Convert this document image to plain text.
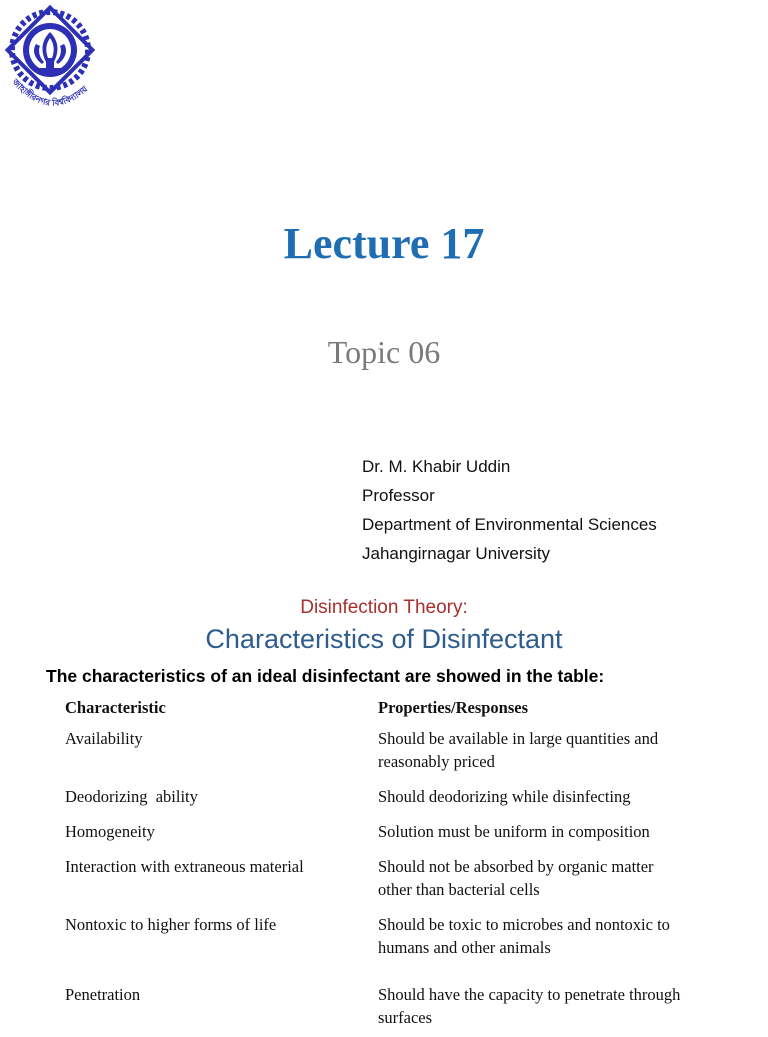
জাহাঙ্গীরনগর বিশ্ববিদ্যালয়
Lecture 17
Topic 06
Dr. M. Khabir Uddin
Professor
Department of Environmental Sciences
Jahangirnagar University
Disinfection Theory:
Characteristics of Disinfectant
The characteristics of an ideal disinfectant are showed in the table:
Characteristic	Properties/Responses
Availability	Should be available in large quantities and reasonably priced
Deodorizing  ability	Should deodorizing while disinfecting
Homogeneity	Solution must be uniform in composition
Interaction with extraneous material	Should not be absorbed by organic matter other than bacterial cells
Nontoxic to higher forms of life	Should be toxic to microbes and nontoxic to humans and other animals
Penetration	Should have the capacity to penetrate through surfaces
